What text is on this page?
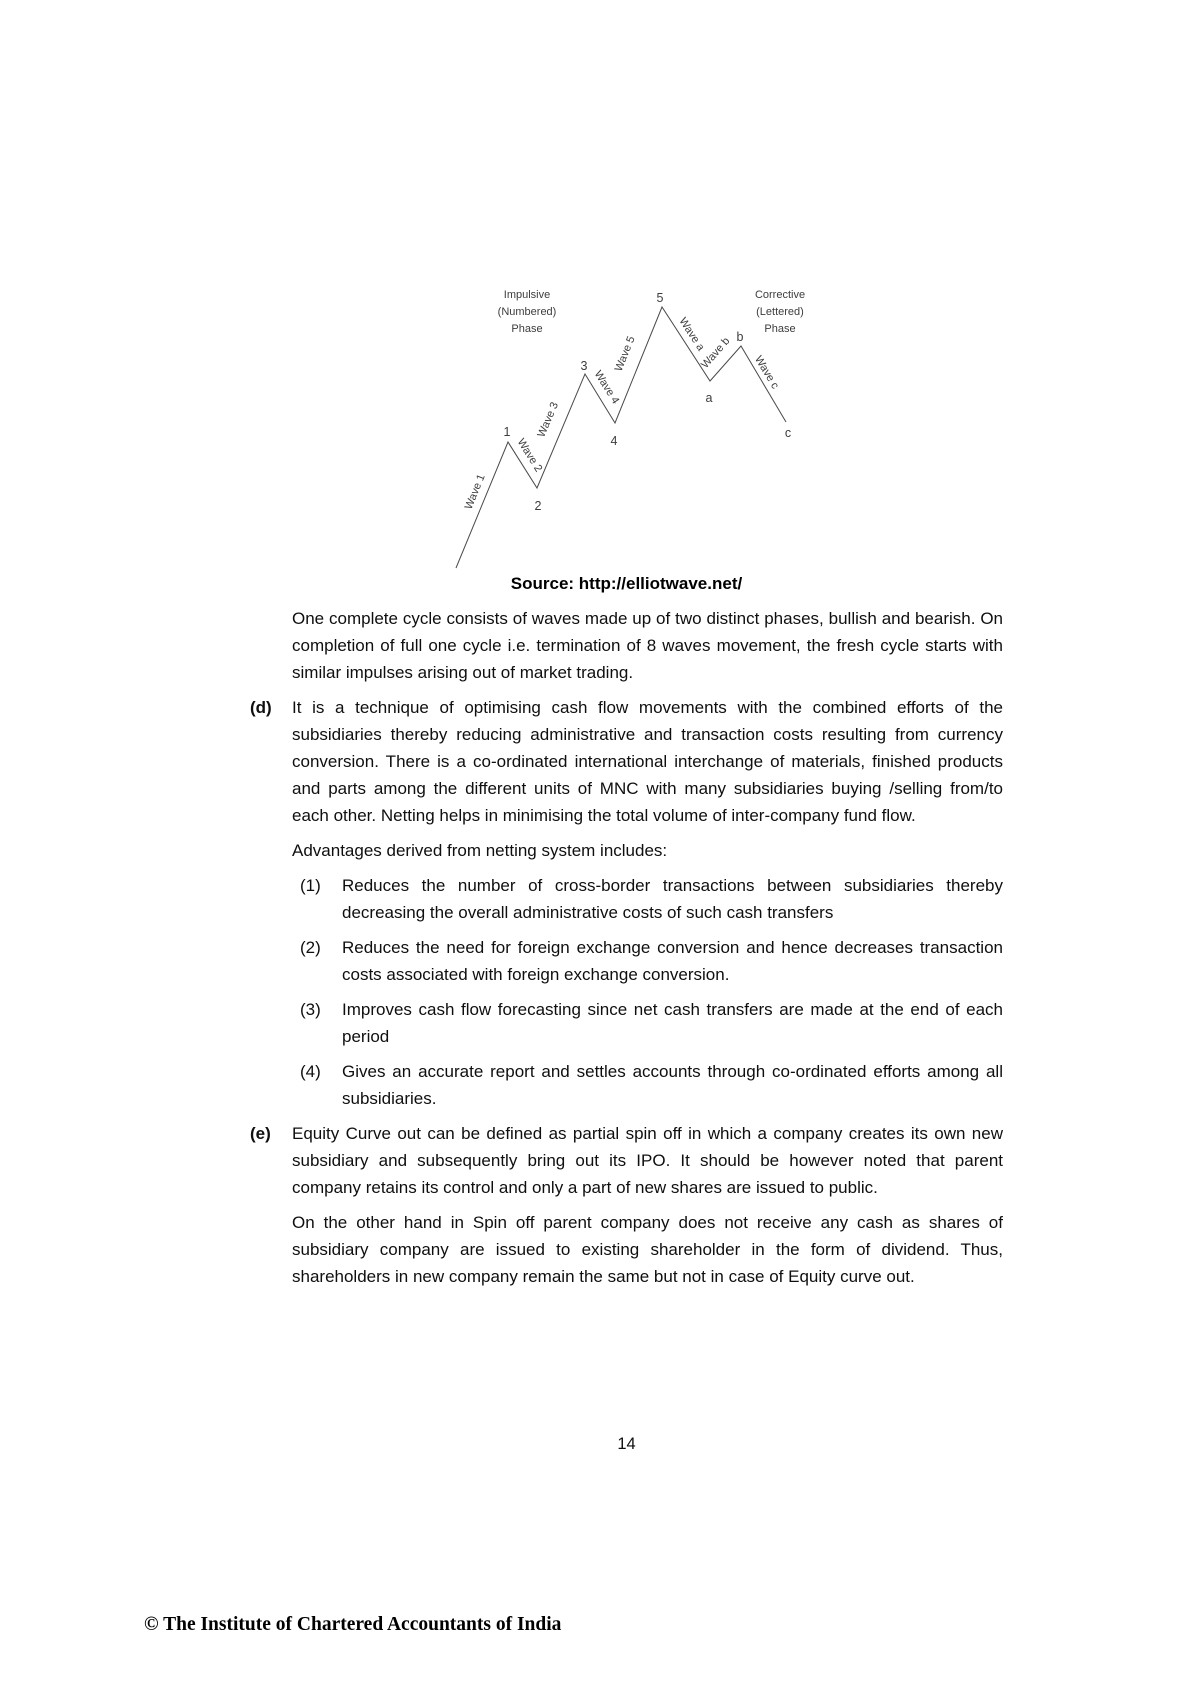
Impulsive
(Numbered)
Phase
Corrective
(Lettered)
Phase
1
2
3
4
5
a
b
c
Wave 1
Wave 2
Wave 3
Wave 4
Wave 5
Wave a
Wave b
Wave c
Source: http://elliotwave.net/

One complete cycle consists of waves made up of two distinct phases, bullish and bearish. On completion of full one cycle i.e. termination of 8 waves movement, the fresh cycle starts with similar impulses arising out of market trading.

(d) It is a technique of optimising cash flow movements with the combined efforts of the subsidiaries thereby reducing administrative and transaction costs resulting from currency conversion. There is a co-ordinated international interchange of materials, finished products and parts among the different units of MNC with many subsidiaries buying /selling from/to each other. Netting helps in minimising the total volume of inter-company fund flow.

Advantages derived from netting system includes:

(1) Reduces the number of cross-border transactions between subsidiaries thereby decreasing the overall administrative costs of such cash transfers
(2) Reduces the need for foreign exchange conversion and hence decreases transaction costs associated with foreign exchange conversion.
(3) Improves cash flow forecasting since net cash transfers are made at the end of each period
(4) Gives an accurate report and settles accounts through co-ordinated efforts among all subsidiaries.
(e) Equity Curve out can be defined as partial spin off in which a company creates its own new subsidiary and subsequently bring out its IPO. It should be however noted that parent company retains its control and only a part of new shares are issued to public.

On the other hand in Spin off parent company does not receive any cash as shares of subsidiary company are issued to existing shareholder in the form of dividend. Thus, shareholders in new company remain the same but not in case of Equity curve out.

14
© The Institute of Chartered Accountants of India
